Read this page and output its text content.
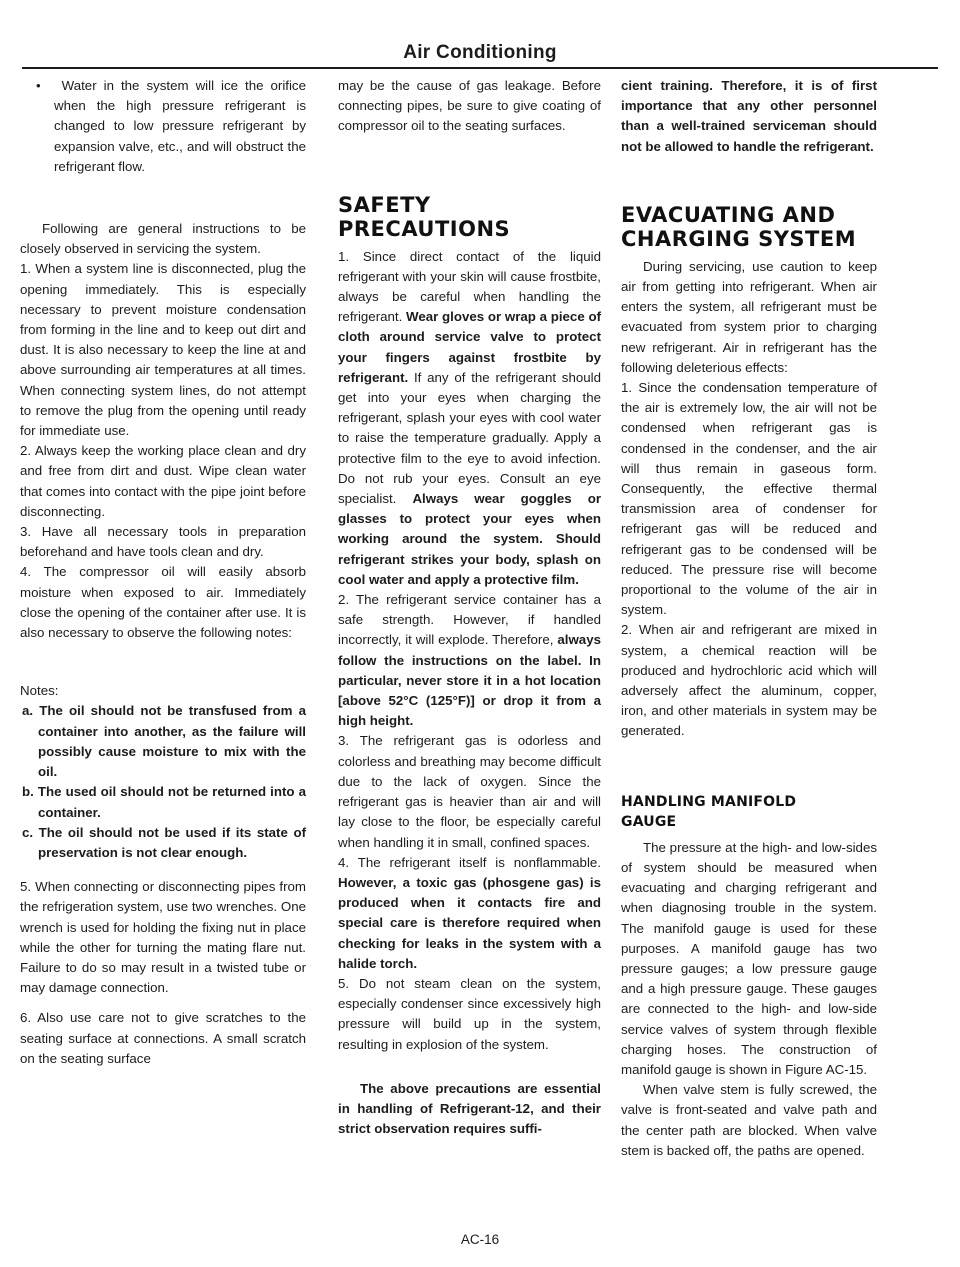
Air Conditioning

• Water in the system will ice the orifice when the high pressure refrigerant is changed to low pressure refrigerant by expansion valve, etc., and will obstruct the refrigerant flow.

Following are general instructions to be closely observed in servicing the system.

1. When a system line is disconnected, plug the opening immediately. This is especially necessary to prevent moisture condensation from forming in the line and to keep out dirt and dust. It is also necessary to keep the line at and above surrounding air temperatures at all times. When connecting system lines, do not attempt to remove the plug from the opening until ready for immediate use.

2. Always keep the working place clean and dry and free from dirt and dust. Wipe clean water that comes into contact with the pipe joint before disconnecting.

3. Have all necessary tools in preparation beforehand and have tools clean and dry.

4. The compressor oil will easily absorb moisture when exposed to air. Immediately close the opening of the container after use. It is also necessary to observe the following notes:

Notes:

a. The oil should not be transfused from a container into another, as the failure will possibly cause moisture to mix with the oil.

b. The used oil should not be returned into a container.

c. The oil should not be used if its state of preservation is not clear enough.

5. When connecting or disconnecting pipes from the refrigeration system, use two wrenches. One wrench is used for holding the fixing nut in place while the other for turning the mating flare nut. Failure to do so may result in a twisted tube or may damage connection.

6. Also use care not to give scratches to the seating surface at connections. A small scratch on the seating surface

may be the cause of gas leakage. Before connecting pipes, be sure to give coating of compressor oil to the seating surfaces.

SAFETY

PRECAUTIONS

1. Since direct contact of the liquid refrigerant with your skin will cause frostbite, always be careful when handling the refrigerant. Wear gloves or wrap a piece of cloth around service valve to protect your fingers against frostbite by refrigerant. If any of the refrigerant should get into your eyes when charging the refrigerant, splash your eyes with cool water to raise the temperature gradually. Apply a protective film to the eye to avoid infection. Do not rub your eyes. Consult an eye specialist. Always wear goggles or glasses to protect your eyes when working around the system. Should refrigerant strikes your body, splash on cool water and apply a protective film.

2. The refrigerant service container has a safe strength. However, if handled incorrectly, it will explode. Therefore, always follow the instructions on the label. In particular, never store it in a hot location [above 52°C (125°F)] or drop it from a high height.

3. The refrigerant gas is odorless and colorless and breathing may become difficult due to the lack of oxygen. Since the refrigerant gas is heavier than air and will lay close to the floor, be especially careful when handling it in small, confined spaces.

4. The refrigerant itself is nonflammable. However, a toxic gas (phosgene gas) is produced when it contacts fire and special care is therefore required when checking for leaks in the system with a halide torch.

5. Do not steam clean on the system, especially condenser since excessively high pressure will build up in the system, resulting in explosion of the system.

The above precautions are essential in handling of Refrigerant-12, and their strict observation requires suffi-

cient training. Therefore, it is of first importance that any other personnel than a well-trained serviceman should not be allowed to handle the refrigerant.

EVACUATING AND

CHARGING SYSTEM

During servicing, use caution to keep air from getting into refrigerant. When air enters the system, all refrigerant must be evacuated from system prior to charging new refrigerant. Air in refrigerant has the following deleterious effects:

1. Since the condensation temperature of the air is extremely low, the air will not be condensed when refrigerant gas is condensed in the condenser, and the air will thus remain in gaseous form. Consequently, the effective thermal transmission area of condenser for refrigerant gas will be reduced and refrigerant gas to be condensed will be reduced. The pressure rise will become proportional to the volume of the air in system.

2. When air and refrigerant are mixed in system, a chemical reaction will be produced and hydrochloric acid which will adversely affect the aluminum, copper, iron, and other materials in system may be generated.

HANDLING MANIFOLD

GAUGE

The pressure at the high- and low-sides of system should be measured when evacuating and charging refrigerant and when diagnosing trouble in the system. The manifold gauge is used for these purposes. A manifold gauge has two pressure gauges; a low pressure gauge and a high pressure gauge. These gauges are connected to the high- and low-side service valves of system through flexible charging hoses. The construction of manifold gauge is shown in Figure AC-15.

When valve stem is fully screwed, the valve is front-seated and valve path and the center path are blocked. When valve stem is backed off, the paths are opened.

AC-16
